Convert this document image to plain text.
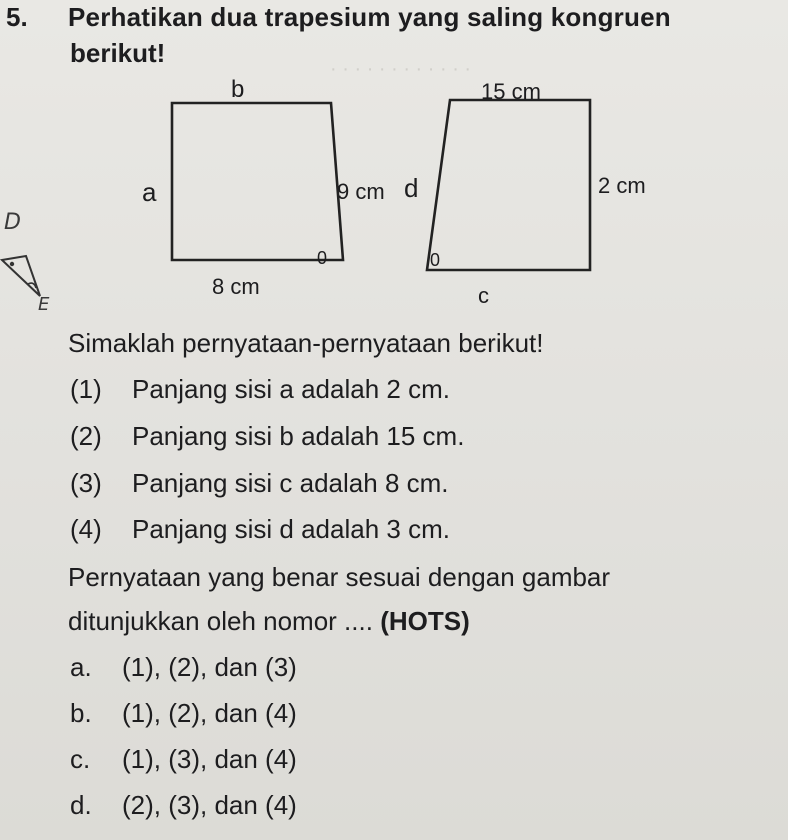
· · · · · · · · · · · ·
5. Perhatikan dua trapesium yang saling kongruen
berikut!
b
a	9 cm
8 cm
0
15 cm
d	2 cm
c
0
D
E
Simaklah pernyataan-pernyataan berikut!
(1) Panjang sisi a adalah 2 cm.
(2) Panjang sisi b adalah 15 cm.
(3) Panjang sisi c adalah 8 cm.
(4) Panjang sisi d adalah 3 cm.
Pernyataan yang benar sesuai dengan gambar
ditunjukkan oleh nomor .... (HOTS)
a. (1), (2), dan (3)
b. (1), (2), dan (4)
c. (1), (3), dan (4)
d. (2), (3), dan (4)
